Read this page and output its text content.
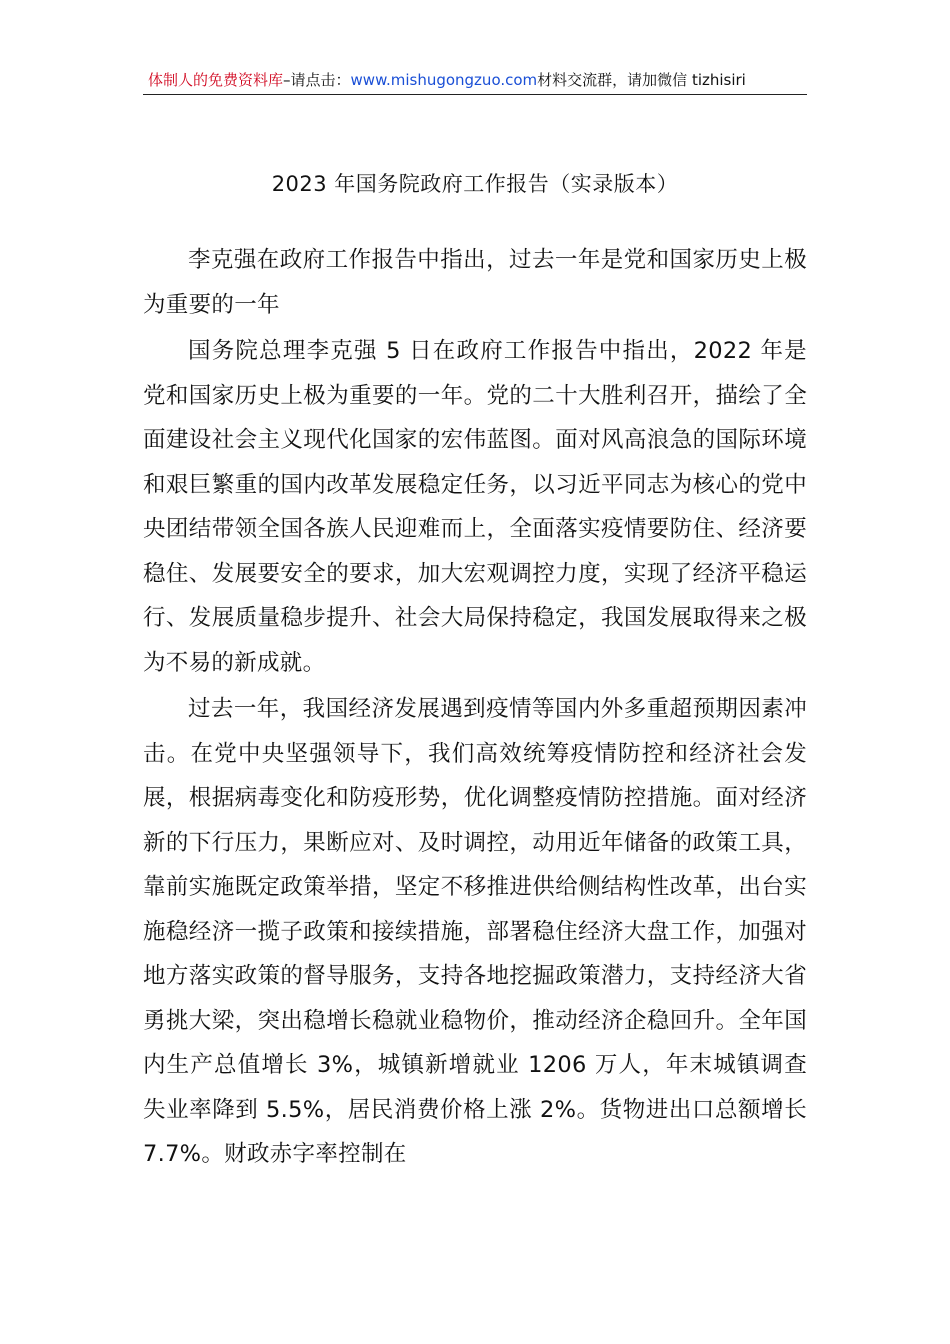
体制人的免费资料库–请点击：www.mishugongzuo.com材料交流群，请加微信 tizhisiri
2023 年国务院政府工作报告（实录版本）

李克强在政府工作报告中指出，过去一年是党和国家历史上极为重要的一年

国务院总理李克强 5 日在政府工作报告中指出，2022 年是党和国家历史上极为重要的一年。党的二十大胜利召开，描绘了全面建设社会主义现代化国家的宏伟蓝图。面对风高浪急的国际环境和艰巨繁重的国内改革发展稳定任务，以习近平同志为核心的党中央团结带领全国各族人民迎难而上，全面落实疫情要防住、经济要稳住、发展要安全的要求，加大宏观调控力度，实现了经济平稳运行、发展质量稳步提升、社会大局保持稳定，我国发展取得来之极为不易的新成就。

过去一年，我国经济发展遇到疫情等国内外多重超预期因素冲击。在党中央坚强领导下，我们高效统筹疫情防控和经济社会发展，根据病毒变化和防疫形势，优化调整疫情防控措施。面对经济新的下行压力，果断应对、及时调控，动用近年储备的政策工具，靠前实施既定政策举措，坚定不移推进供给侧结构性改革，出台实施稳经济一揽子政策和接续措施，部署稳住经济大盘工作，加强对地方落实政策的督导服务，支持各地挖掘政策潜力，支持经济大省勇挑大梁，突出稳增长稳就业稳物价，推动经济企稳回升。全年国内生产总值增长 3%，城镇新增就业 1206 万人，年末城镇调查失业率降到 5.5%，居民消费价格上涨 2%。货物进出口总额增长 7.7%。财政赤字率控制在
